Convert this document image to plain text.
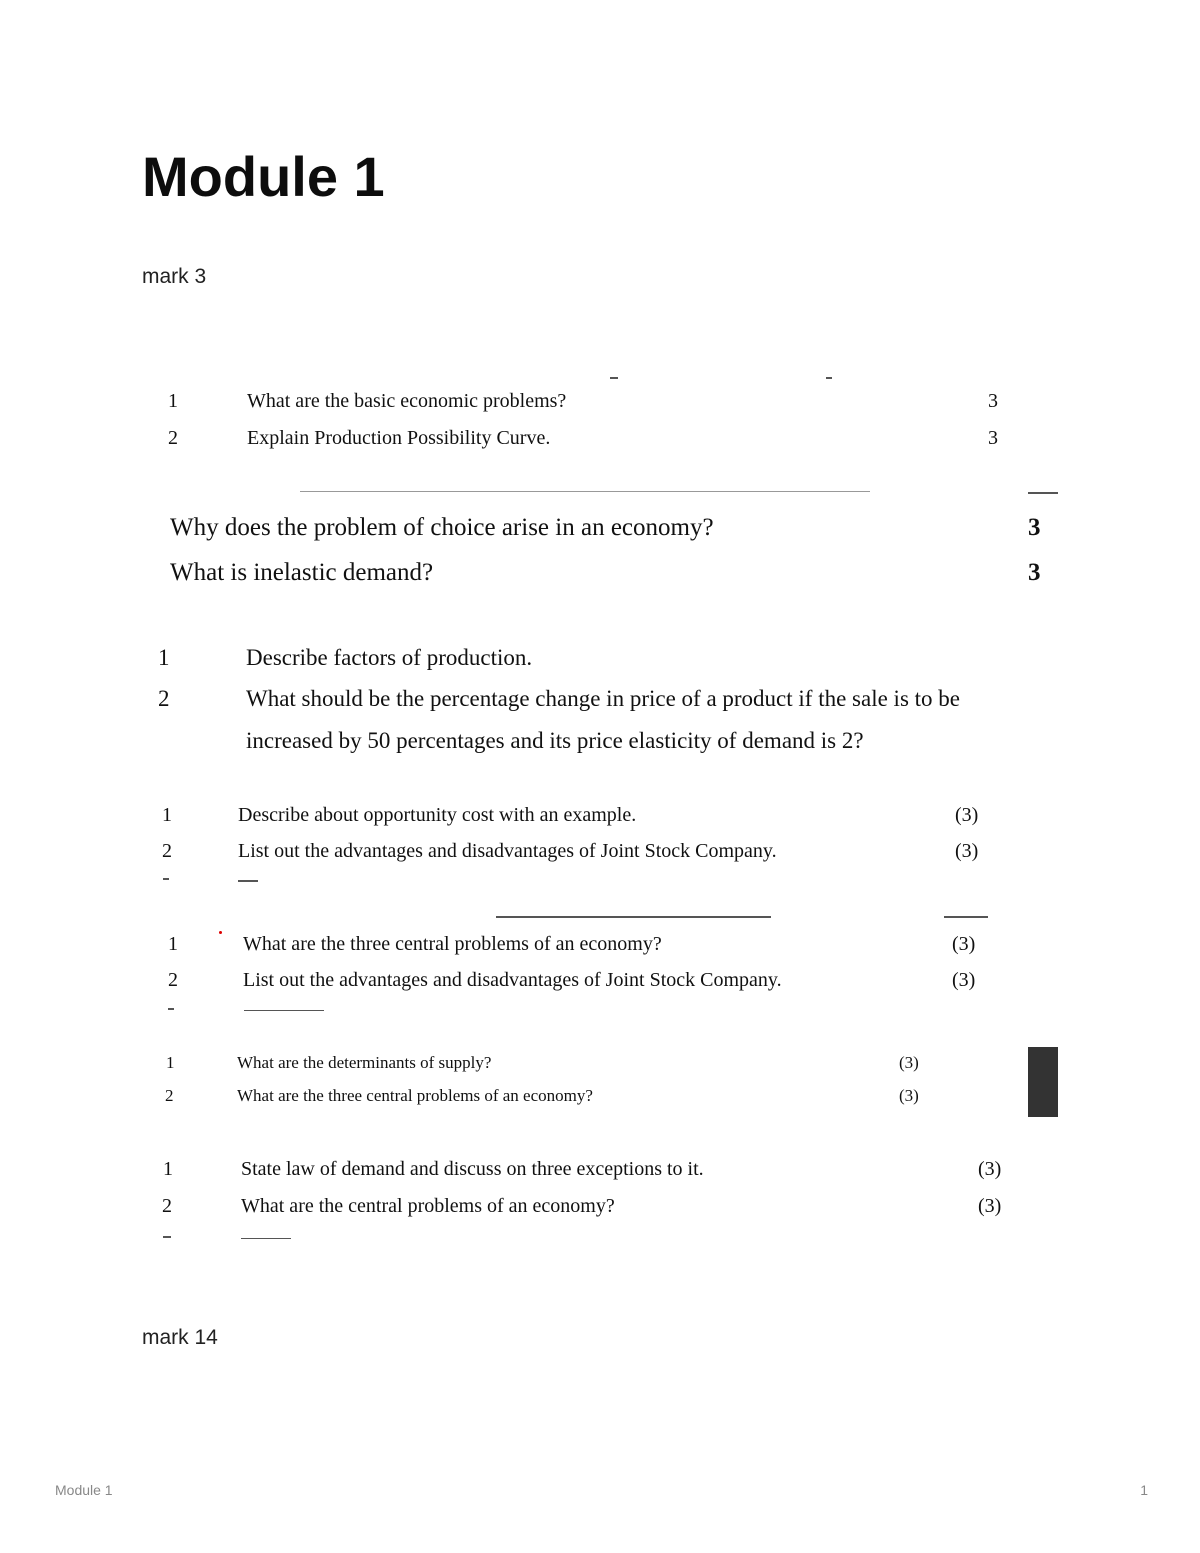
Module 1
mark 3
1	What are the basic economic problems?	3
2	Explain Production Possibility Curve.	3
Why does the problem of choice arise in an economy?	3
What is inelastic demand?	3
1	Describe factors of production.
2	What should be the percentage change in price of a product if the sale is to be
increased by 50 percentages and its price elasticity of demand is 2?
1	Describe about opportunity cost with an example.	(3)
2	List out the advantages and disadvantages of Joint Stock Company.	(3)
1	What are the three central problems of an economy?	(3)
2	List out the advantages and disadvantages of Joint Stock Company.	(3)
1	What are the determinants of supply?	(3)
2	What are the three central problems of an economy?	(3)
1	State law of demand and discuss on three exceptions to it.	(3)
2	What are the central problems of an economy?	(3)
mark 14
Module 1	1
